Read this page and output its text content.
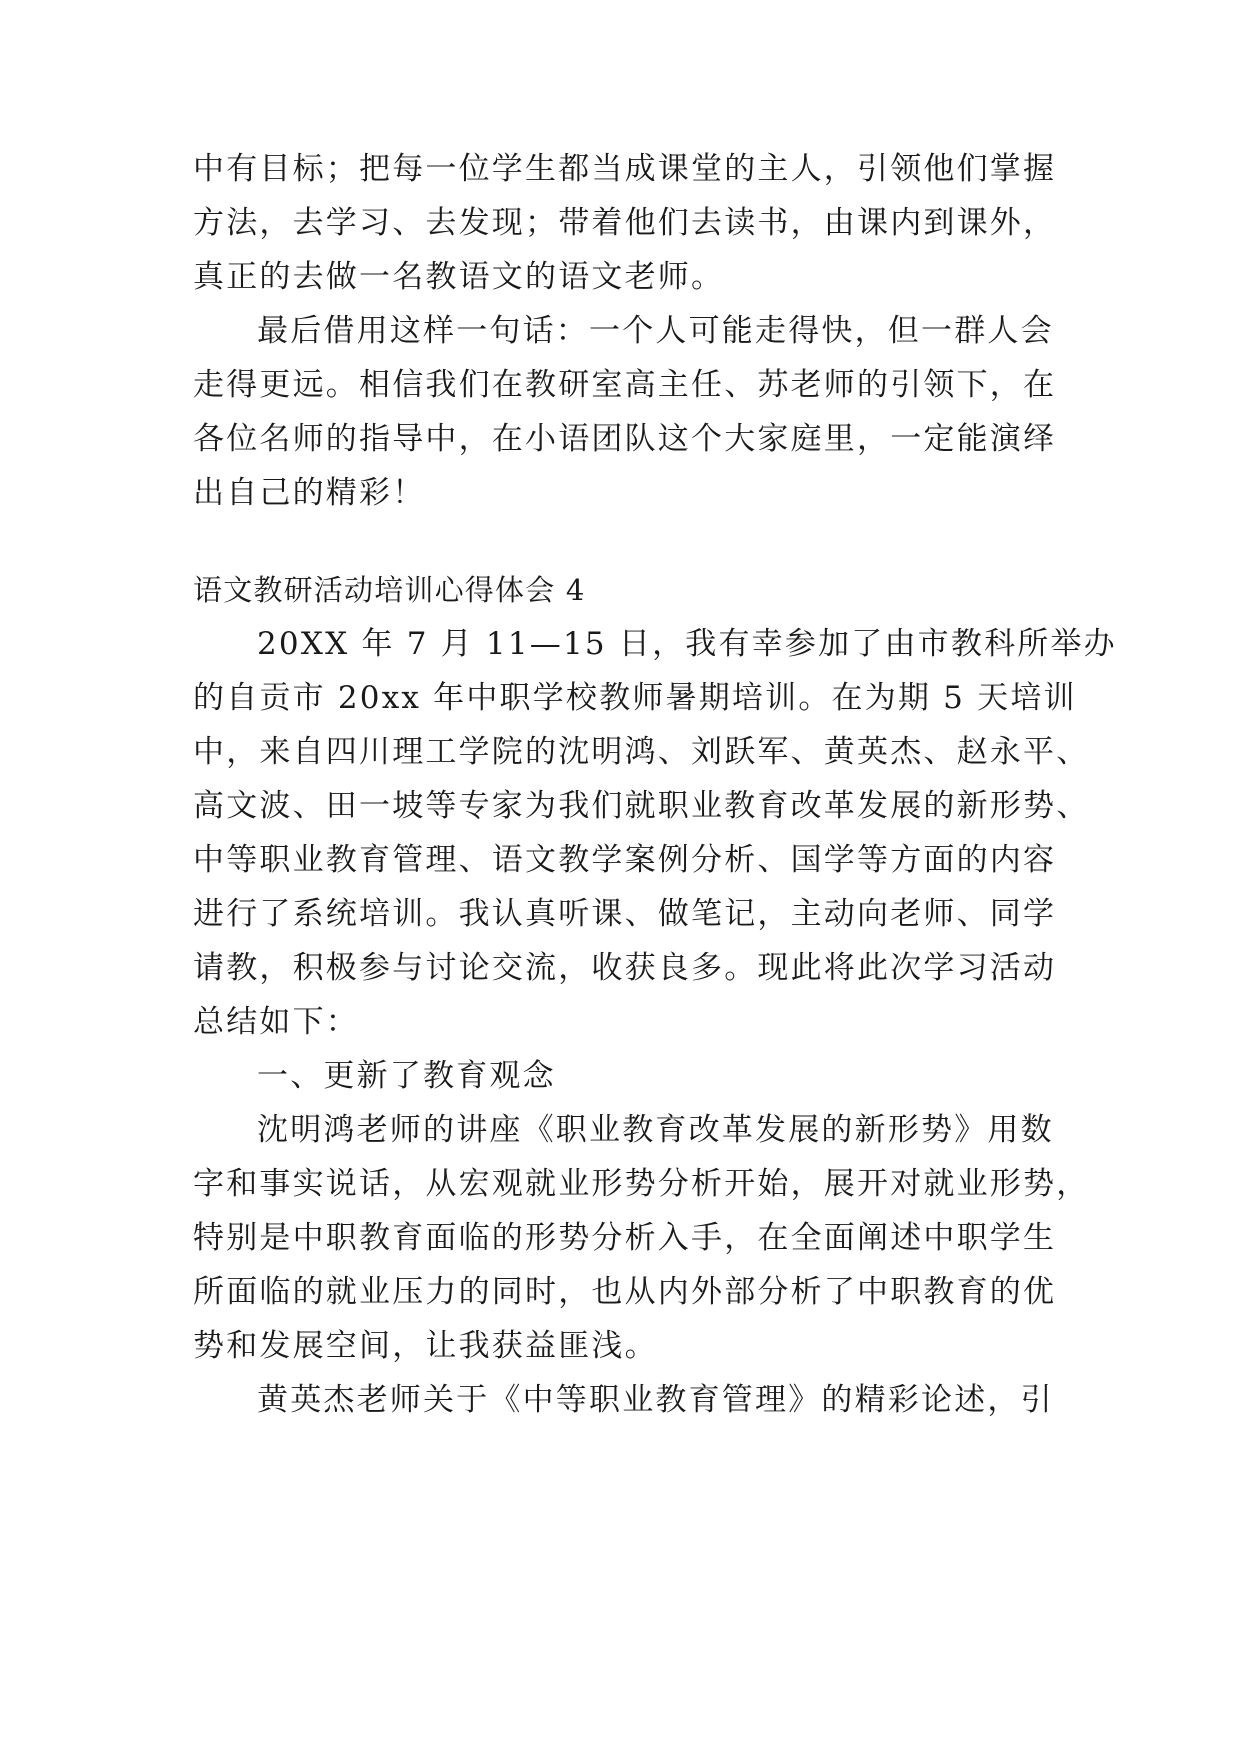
中有目标；把每一位学生都当成课堂的主人，引领他们掌握
方法，去学习、去发现；带着他们去读书，由课内到课外，
真正的去做一名教语文的语文老师。
最后借用这样一句话：一个人可能走得快，但一群人会
走得更远。相信我们在教研室高主任、苏老师的引领下，在
各位名师的指导中，在小语团队这个大家庭里，一定能演绎
出自己的精彩！
语文教研活动培训心得体会 4
20XX 年 7 月 11—15 日，我有幸参加了由市教科所举办
的自贡市 20xx 年中职学校教师暑期培训。在为期 5 天培训
中，来自四川理工学院的沈明鸿、刘跃军、黄英杰、赵永平、
高文波、田一坡等专家为我们就职业教育改革发展的新形势、
中等职业教育管理、语文教学案例分析、国学等方面的内容
进行了系统培训。我认真听课、做笔记，主动向老师、同学
请教，积极参与讨论交流，收获良多。现此将此次学习活动
总结如下：
一、更新了教育观念
沈明鸿老师的讲座《职业教育改革发展的新形势》用数
字和事实说话，从宏观就业形势分析开始，展开对就业形势，
特别是中职教育面临的形势分析入手，在全面阐述中职学生
所面临的就业压力的同时，也从内外部分析了中职教育的优
势和发展空间，让我获益匪浅。
黄英杰老师关于《中等职业教育管理》的精彩论述，引
